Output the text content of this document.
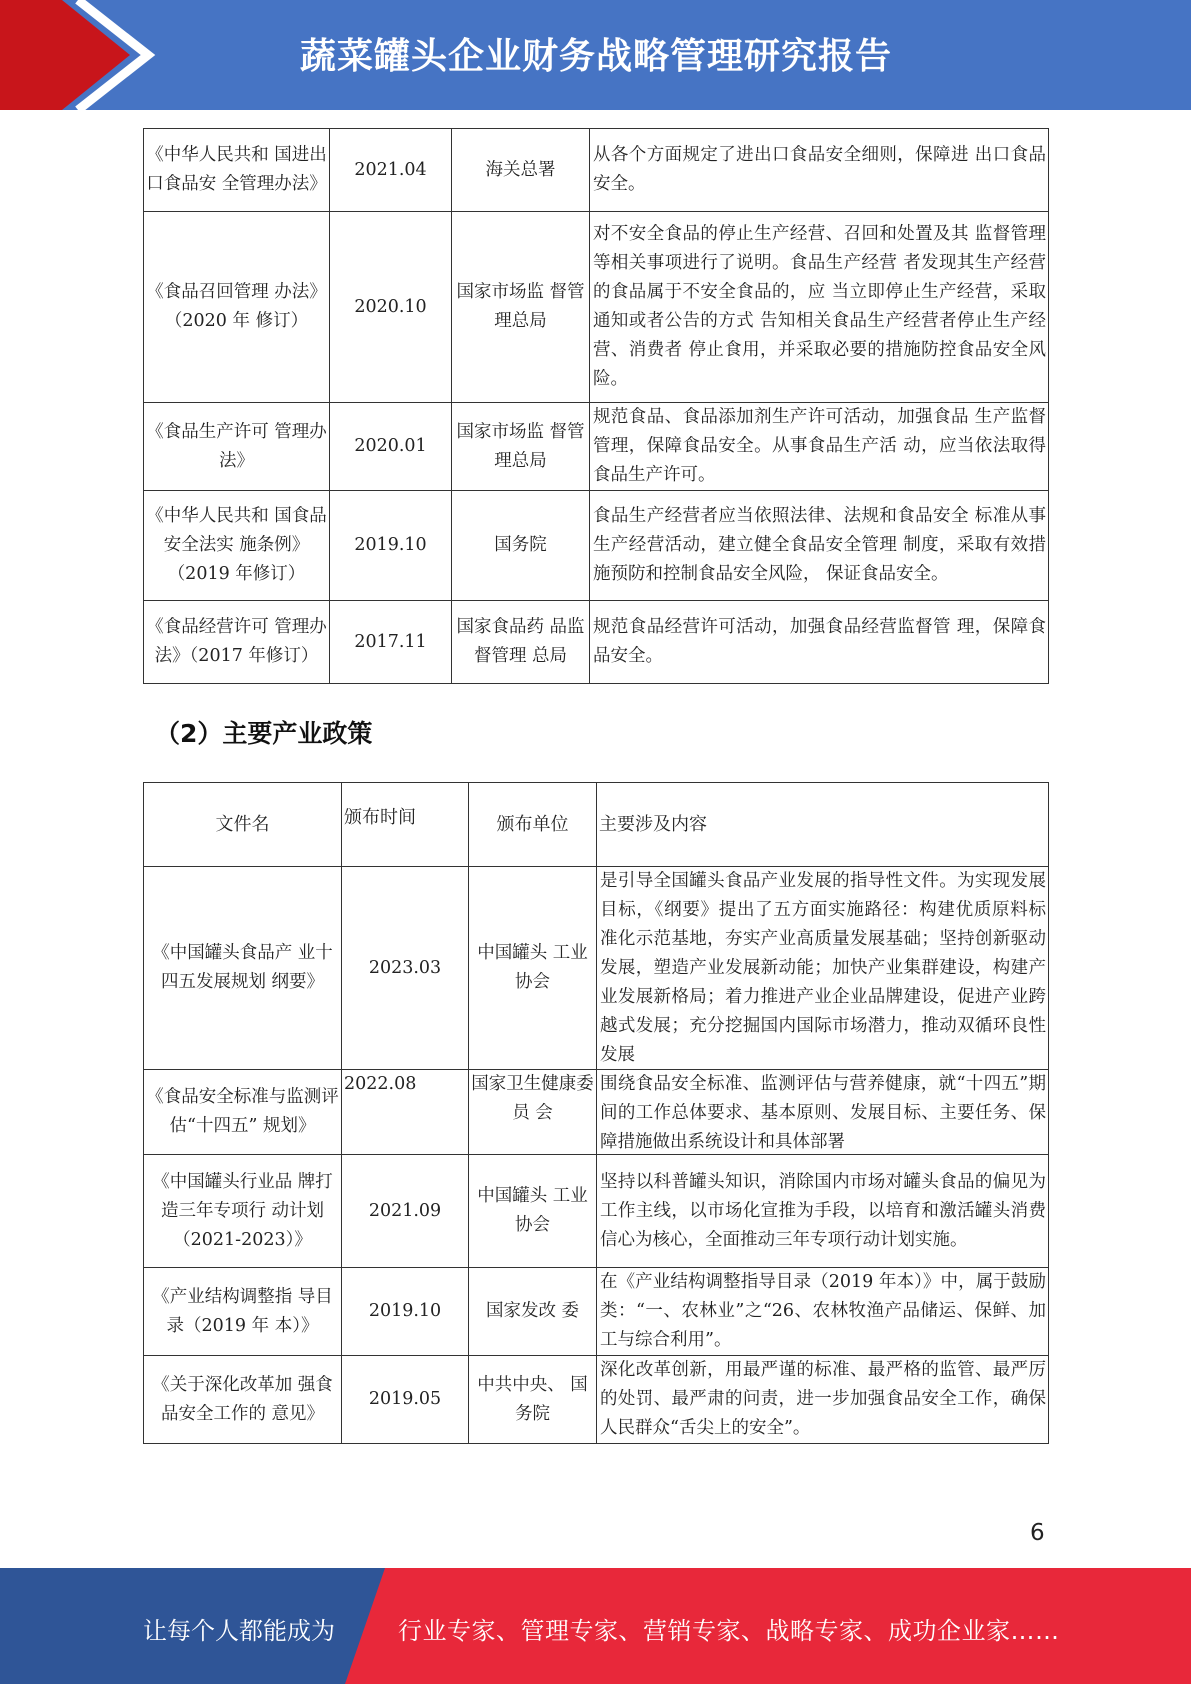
蔬菜罐头企业财务战略管理研究报告
《中华人民共和 国进出口食品安 全管理办法》	2021.04	海关总署	从各个方面规定了进出口食品安全细则，保障进 出口食品安全。
《食品召回管理 办法》（2020 年 修订）	2020.10	国家市场监 督管理总局	对不安全食品的停止生产经营、召回和处置及其 监督管理等相关事项进行了说明。食品生产经营 者发现其生产经营的食品属于不安全食品的，应 当立即停止生产经营，采取通知或者公告的方式 告知相关食品生产经营者停止生产经营、消费者 停止食用，并采取必要的措施防控食品安全风 险。
《食品生产许可 管理办法》	2020.01	国家市场监 督管理总局	规范食品、食品添加剂生产许可活动，加强食品 生产监督管理，保障食品安全。从事食品生产活 动，应当依法取得食品生产许可。
《中华人民共和 国食品安全法实 施条例》（2019 年修订）	2019.10	国务院	食品生产经营者应当依照法律、法规和食品安全 标准从事生产经营活动，建立健全食品安全管理 制度，采取有效措施预防和控制食品安全风险， 保证食品安全。
《食品经营许可 管理办法》（2017 年修订）	2017.11	国家食品药 品监督管理 总局	规范食品经营许可活动，加强食品经营监督管 理，保障食品安全。
（2）主要产业政策
文件名	颁布时间	颁布单位	主要涉及内容
《中国罐头食品产 业十四五发展规划 纲要》	2023.03	中国罐头 工业协会	是引导全国罐头食品产业发展的指导性文件。为实现发展目标，《纲要》提出了五方面实施路径：构建优质原料标准化示范基地，夯实产业高质量发展基础；坚持创新驱动发展，塑造产业发展新动能；加快产业集群建设，构建产业发展新格局；着力推进产业企业品牌建设，促进产业跨越式发展；充分挖掘国内国际市场潜力，推动双循环良性发展

《食品安全标准与监测评估“十四五” 规划》	2022.08	国家卫生健康委员 会	围绕食品安全标准、监测评估与营养健康，就“十四五”期间的工作总体要求、基本原则、发展目标、主要任务、保障措施做出系统设计和具体部署

《中国罐头行业品 牌打造三年专项行 动计划 （2021-2023）》	2021.09	中国罐头 工业协会	坚持以科普罐头知识，消除国内市场对罐头食品的偏见为工作主线，以市场化宣推为手段，以培育和激活罐头消费信心为核心，全面推动三年专项行动计划实施。
《产业结构调整指 导目录（2019 年 本）》	2019.10	国家发改 委	在《产业结构调整指导目录（2019 年本）》中，属于鼓励类：“一、农林业”之“26、农林牧渔产品储运、保鲜、加工与综合利用”。
《关于深化改革加 强食品安全工作的 意见》	2019.05	中共中央、 国务院	深化改革创新，用最严谨的标准、最严格的监管、最严厉的处罚、最严肃的问责，进一步加强食品安全工作，确保人民群众“舌尖上的安全”。
6
让每个人都能成为	行业专家、管理专家、营销专家、战略专家、成功企业家……
